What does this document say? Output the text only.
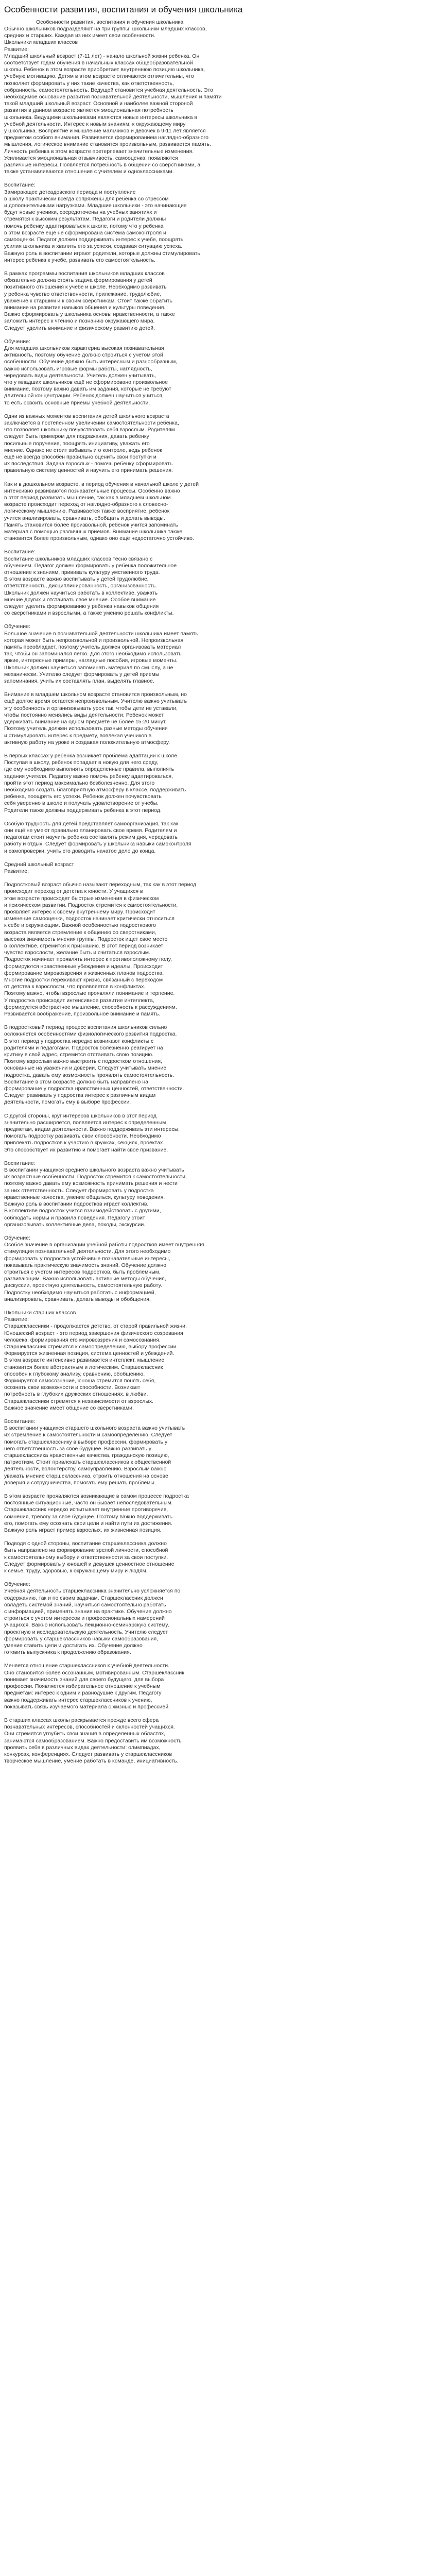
Особенности развития, воспитания и обучения школьника
Особенности развития, воспитания и обучения школьника

Обычно школьников подразделяют на три группы: школьники младших классов,
средних и старших. Каждая из них имеет свои особенности.
Школьники младших классов
Развитие:
Младший школьный возраст (7-11 лет) - начало школьной жизни ребенка. Он
соответствует годам обучения в начальных классах общеобразовательной
школы. Ребенок в этом возрасте приобретает внутреннюю позицию школьника,
учебную мотивацию. Детям в этом возрасте отличаются отличительны, что
позволяет формировать у них такие качества, как ответственность,
собранность, самостоятельность. Ведущей становится учебная деятельность. Это
необходимое основание развития познавательной деятельности, мышления и памяти
такой младший школьный возраст. Основной и наиболее важной стороной
развития в данном возрасте является эмоциональная потребность
школьника. Ведущими школьниками являются новые интересы школьника в
учебной деятельности. Интерес к новым знаниям, к окружающему миру
у школьника. Восприятие и мышление мальчиков и девочек в 9-11 лет является
предметом особого внимания. Развивается формированием наглядно-образного
мышления, логическое внимание становится произвольным, развивается память.
Личность ребенка в этом возрасте претерпевает значительные изменения.
Усиливается эмоциональная отзывчивость, самооценка, появляются
различные интересы. Появляется потребность в общении со сверстниками, а
также устанавливаются отношения с учителем и одноклассниками.

Воспитание:
Замирающее детсадовского периода и поступление
в школу практически всегда сопряжены для ребенка со стрессом
и дополнительными нагрузками. Младшие школьники - это начинающие
будут новые ученики, сосредоточены на учебных занятиях и
стремятся к высоким результатам. Педагоги и родители должны
помочь ребенку адаптироваться к школе, потому что у ребенка
в этом возрасте ещё не сформирована система самоконтроля и
самооценки. Педагог должен поддерживать интерес к учебе, поощрять
усилия школьника и хвалить его за успехи, создавая ситуацию успеха.
Важную роль в воспитании играют родители, которые должны стимулировать
интерес ребенка к учебе, развивать его самостоятельность.

В рамках программы воспитания школьников младших классов
обязательно должна стоять задача формирования у детей
позитивного отношения к учебе и школе. Необходимо развивать
у ребенка чувство ответственности, прилежание, трудолюбие,
уважение к старшим и к своим сверстникам. Стоит также обратить
внимание на развитие навыков общения и культуры поведения.
Важно сформировать у школьника основы нравственности, а также
заложить интерес к чтению и познанию окружающего мира.
Следует уделить внимание и физическому развитию детей.

Обучение:
Для младших школьников характерна высокая познавательная
активность, поэтому обучение должно строиться с учетом этой
особенности. Обучение должно быть интересным и разнообразным,
важно использовать игровые формы работы, наглядность,
чередовать виды деятельности. Учитель должен учитывать,
что у младших школьников ещё не сформировано произвольное
внимание, поэтому важно давать им задания, которые не требуют
длительной концентрации. Ребенок должен научиться учиться,
то есть освоить основные приемы учебной деятельности.

Одни из важных моментов воспитания детей школьного возраста
заключается в постепенном увеличении самостоятельности ребенка,
что позволяет школьнику почувствовать себя взрослым. Родителям
следует быть примером для подражания, давать ребенку
посильные поручения, поощрять инициативу, уважать его
мнение. Однако не стоит забывать и о контроле, ведь ребенок
ещё не всегда способен правильно оценить свои поступки и
их последствия. Задача взрослых - помочь ребенку сформировать
правильную систему ценностей и научить его принимать решения.

Как и в дошкольном возрасте, в период обучения в начальной школе у детей
интенсивно развиваются познавательные процессы. Особенно важно
в этот период развивать мышление, так как в младшем школьном
возрасте происходит переход от наглядно-образного к словесно-
логическому мышлению. Развивается также восприятие, ребенок
учится анализировать, сравнивать, обобщать и делать выводы.
Память становится более произвольной, ребенок учится запоминать
материал с помощью различных приемов. Внимание школьника также
становится более произвольным, однако оно ещё недостаточно устойчиво.

Воспитание:
Воспитание школьников младших классов тесно связано с
обучением. Педагог должен формировать у ребенка положительное
отношение к знаниям, прививать культуру умственного труда.
В этом возрасте важно воспитывать у детей трудолюбие,
ответственность, дисциплинированность, организованность.
Школьник должен научиться работать в коллективе, уважать
мнение других и отстаивать свое мнение. Особое внимание
следует уделить формированию у ребенка навыков общения
со сверстниками и взрослыми, а также умению решать конфликты.

Обучение:
Большое значение в познавательной деятельности школьника имеет память,
которая может быть непроизвольной и произвольной. Непроизвольная
память преобладает, поэтому учитель должен организовать материал
так, чтобы он запоминался легко. Для этого необходимо использовать
яркие, интересные примеры, наглядные пособия, игровые моменты.
Школьник должен научиться запоминать материал по смыслу, а не
механически. Учителю следует формировать у детей приемы
запоминания, учить их составлять план, выделять главное.

Внимание в младшем школьном возрасте становится произвольным, но
ещё долгое время остается непроизвольным. Учителю важно учитывать
эту особенность и организовывать урок так, чтобы дети не уставали,
чтобы постоянно менялись виды деятельности. Ребенок может
удерживать внимание на одном предмете не более 15-20 минут.
Поэтому учитель должен использовать разные методы обучения
и стимулировать интерес к предмету, вовлекая учеников в
активную работу на уроке и создавая положительную атмосферу.

В первых классах у ребенка возникает проблема адаптации к школе.
Поступая в школу, ребенок попадает в новую для него среду,
где ему необходимо выполнять определенные правила, выполнять
задания учителя. Педагогу важно помочь ребенку адаптироваться,
пройти этот период максимально безболезненно. Для этого
необходимо создать благоприятную атмосферу в классе, поддерживать
ребенка, поощрять его успехи. Ребенок должен почувствовать
себя уверенно в школе и получать удовлетворение от учебы.
Родители также должны поддерживать ребенка в этот период.

Особую трудность для детей представляет самоорганизация, так как
они ещё не умеют правильно планировать свое время. Родителям и
педагогам стоит научить ребенка составлять режим дня, чередовать
работу и отдых. Следует формировать у школьника навыки самоконтроля
и самопроверки, учить его доводить начатое дело до конца.

Средний школьный возраст
Развитие:

Подростковый возраст обычно называют переходным, так как в этот период
происходит переход от детства к юности. У учащихся в
этом возрасте происходят быстрые изменения в физическом
и психическом развитии. Подросток стремится к самостоятельности,
проявляет интерес к своему внутреннему миру. Происходит
изменение самооценки, подросток начинает критически относиться
к себе и окружающим. Важной особенностью подросткового
возраста является стремление к общению со сверстниками,
высокая значимость мнения группы. Подросток ищет свое место
в коллективе, стремится к признанию. В этот период возникает
чувство взрослости, желание быть и считаться взрослым.
Подросток начинает проявлять интерес к противоположному полу,
формируются нравственные убеждения и идеалы. Происходит
формирование мировоззрения и жизненных планов подростка.
Многие подростки переживают кризис, связанный с переходом
от детства к взрослости, что проявляется в конфликтах.
Поэтому важно, чтобы взрослые проявляли понимание и терпение.
У подростка происходит интенсивное развитие интеллекта,
формируется абстрактное мышление, способность к рассуждениям.
Развивается воображение, произвольное внимание и память.

В подростковый период процесс воспитания школьников сильно
осложняется особенностями физиологического развития подростка.
В этот период у подростка нередко возникают конфликты с
родителями и педагогами. Подросток болезненно реагирует на
критику в свой адрес, стремится отстаивать свою позицию.
Поэтому взрослым важно выстроить с подростком отношения,
основанные на уважении и доверии. Следует учитывать мнение
подростка, давать ему возможность проявлять самостоятельность.
Воспитание в этом возрасте должно быть направлено на
формирование у подростка нравственных ценностей, ответственности.
Следует развивать у подростка интерес к различным видам
деятельности, помогать ему в выборе профессии.

С другой стороны, круг интересов школьников в этот период
значительно расширяется, появляется интерес к определенным
предметам, видам деятельности. Важно поддерживать эти интересы,
помогать подростку развивать свои способности. Необходимо
привлекать подростков к участию в кружках, секциях, проектах.
Это способствует их развитию и помогает найти свое призвание.

Воспитание:
В воспитании учащихся среднего школьного возраста важно учитывать
их возрастные особенности. Подросток стремится к самостоятельности,
поэтому важно давать ему возможность принимать решения и нести
за них ответственность. Следует формировать у подростка
нравственные качества, умение общаться, культуру поведения.
Важную роль в воспитании подростков играет коллектив.
В коллективе подросток учится взаимодействовать с другими,
соблюдать нормы и правила поведения. Педагогу стоит
организовывать коллективные дела, походы, экскурсии.

Обучение:
Особое значение в организации учебной работы подростков имеет внутренняя
стимуляция познавательной деятельности. Для этого необходимо
формировать у подростка устойчивые познавательные интересы,
показывать практическую значимость знаний. Обучение должно
строиться с учетом интересов подростков, быть проблемным,
развивающим. Важно использовать активные методы обучения,
дискуссии, проектную деятельность, самостоятельную работу.
Подростку необходимо научиться работать с информацией,
анализировать, сравнивать, делать выводы и обобщения.

Школьники старших классов
Развитие:
Старшеклассники - продолжается детство, от старой правильной жизни.
Юношеский возраст - это период завершения физического созревания
человека, формирования его мировоззрения и самосознания.
Старшеклассник стремится к самоопределению, выбору профессии.
Формируется жизненная позиция, система ценностей и убеждений.
В этом возрасте интенсивно развивается интеллект, мышление
становится более абстрактным и логическим. Старшеклассник
способен к глубокому анализу, сравнению, обобщению.
Формируется самосознание, юноша стремится понять себя,
осознать свои возможности и способности. Возникает
потребность в глубоких дружеских отношениях, в любви.
Старшеклассники стремятся к независимости от взрослых.
Важное значение имеет общение со сверстниками.

Воспитание:
В воспитании учащихся старшего школьного возраста важно учитывать
их стремление к самостоятельности и самоопределению. Следует
помогать старшекласснику в выборе профессии, формировать у
него ответственность за свое будущее. Важно развивать у
старшеклассника нравственные качества, гражданскую позицию,
патриотизм. Стоит привлекать старшеклассников к общественной
деятельности, волонтерству, самоуправлению. Взрослым важно
уважать мнение старшеклассника, строить отношения на основе
доверия и сотрудничества, помогать ему решать проблемы.

В этом возрасте проявляются возникающие в самом процессе подростка
постоянные ситуационные, часто он бывает непоследовательным.
Старшеклассник нередко испытывает внутренние противоречия,
сомнения, тревогу за свое будущее. Поэтому важно поддерживать
его, помогать ему осознать свои цели и найти пути их достижения.
Важную роль играет пример взрослых, их жизненная позиция.

Подводя с одной стороны, воспитание старшеклассника должно
быть направлено на формирование зрелой личности, способной
к самостоятельному выбору и ответственности за свои поступки.
Следует формировать у юношей и девушек ценностное отношение
к семье, труду, здоровью, к окружающему миру и людям.

Обучение:
Учебная деятельность старшеклассника значительно усложняется по
содержанию, так и по своим задачам. Старшеклассник должен
овладеть системой знаний, научиться самостоятельно работать
с информацией, применять знания на практике. Обучение должно
строиться с учетом интересов и профессиональных намерений
учащихся. Важно использовать лекционно-семинарскую систему,
проектную и исследовательскую деятельность. Учителю следует
формировать у старшеклассников навыки самообразования,
умение ставить цели и достигать их. Обучение должно
готовить выпускника к продолжению образования.

Меняется отношение старшеклассников к учебной деятельности.
Оно становится более осознанным, мотивированным. Старшеклассник
понимает значимость знаний для своего будущего, для выбора
профессии. Появляется избирательное отношение к учебным
предметам: интерес к одним и равнодушие к другим. Педагогу
важно поддерживать интерес старшеклассников к учению,
показывать связь изучаемого материала с жизнью и профессией.

В старших классах школы раскрывается прежде всего сфера
познавательных интересов, способностей и склонностей учащихся.
Они стремятся углубить свои знания в определенных областях,
занимаются самообразованием. Важно предоставить им возможность
проявить себя в различных видах деятельности: олимпиадах,
конкурсах, конференциях. Следует развивать у старшеклассников
творческое мышление, умение работать в команде, инициативность.
